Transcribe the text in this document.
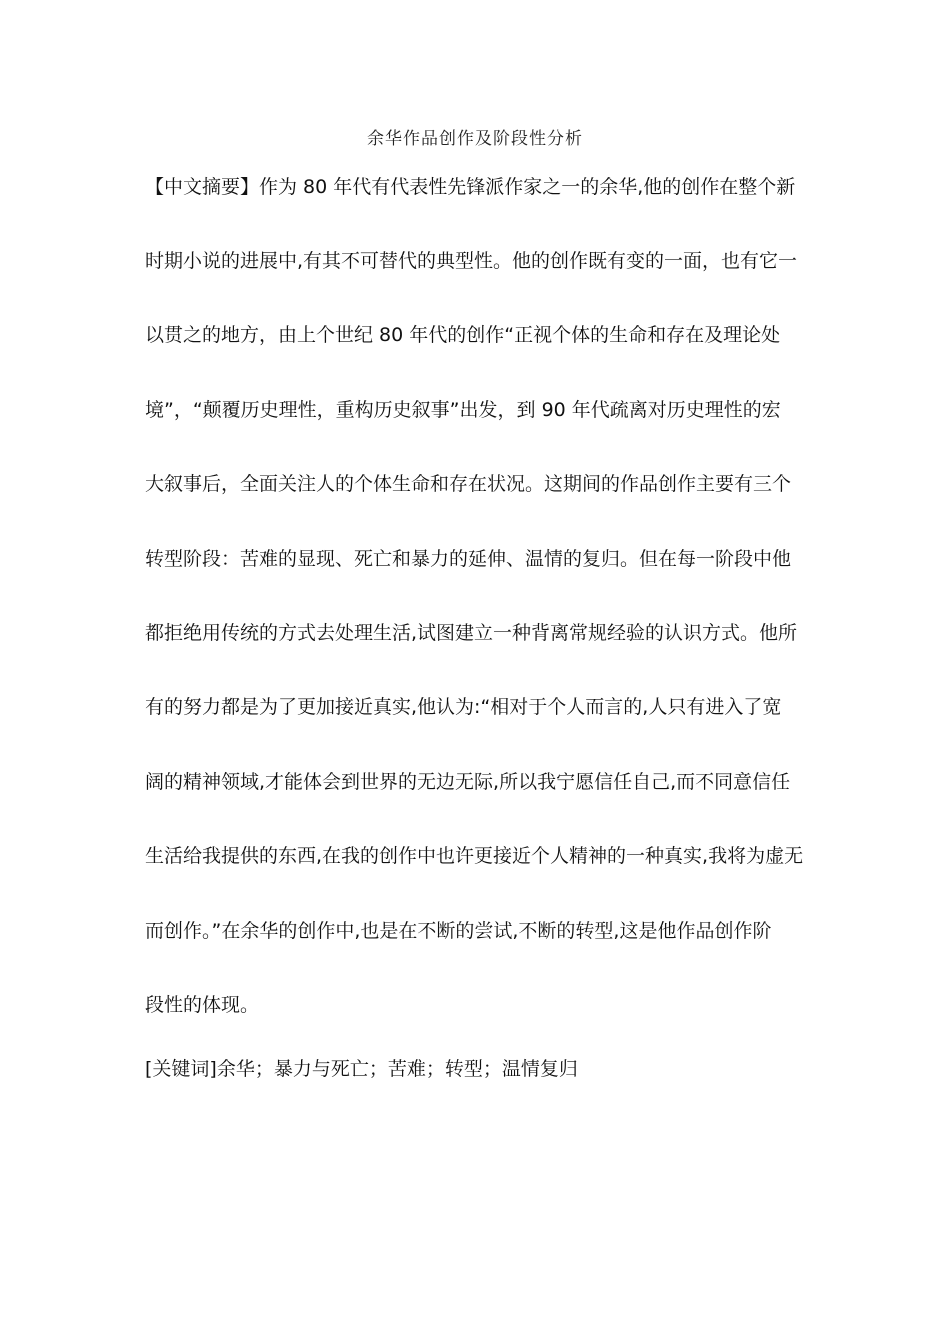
余华作品创作及阶段性分析

【中文摘要】作为 80 年代有代表性先锋派作家之一的余华,他的创作在整个新

时期小说的进展中,有其不可替代的典型性。他的创作既有变的一面，也有它一

以贯之的地方，由上个世纪 80 年代的创作“正视个体的生命和存在及理论处

境”，“颠覆历史理性，重构历史叙事”出发，到 90 年代疏离对历史理性的宏

大叙事后，全面关注人的个体生命和存在状况。这期间的作品创作主要有三个

转型阶段：苦难的显现、死亡和暴力的延伸、温情的复归。但在每一阶段中他

都拒绝用传统的方式去处理生活,试图建立一种背离常规经验的认识方式。他所

有的努力都是为了更加接近真实,他认为:“相对于个人而言的,人只有进入了宽

阔的精神领域,才能体会到世界的无边无际,所以我宁愿信任自己,而不同意信任

生活给我提供的东西,在我的创作中也许更接近个人精神的一种真实,我将为虚无

而创作。”在余华的创作中,也是在不断的尝试,不断的转型,这是他作品创作阶

段性的体现。

[关键词]余华；暴力与死亡；苦难；转型；温情复归
